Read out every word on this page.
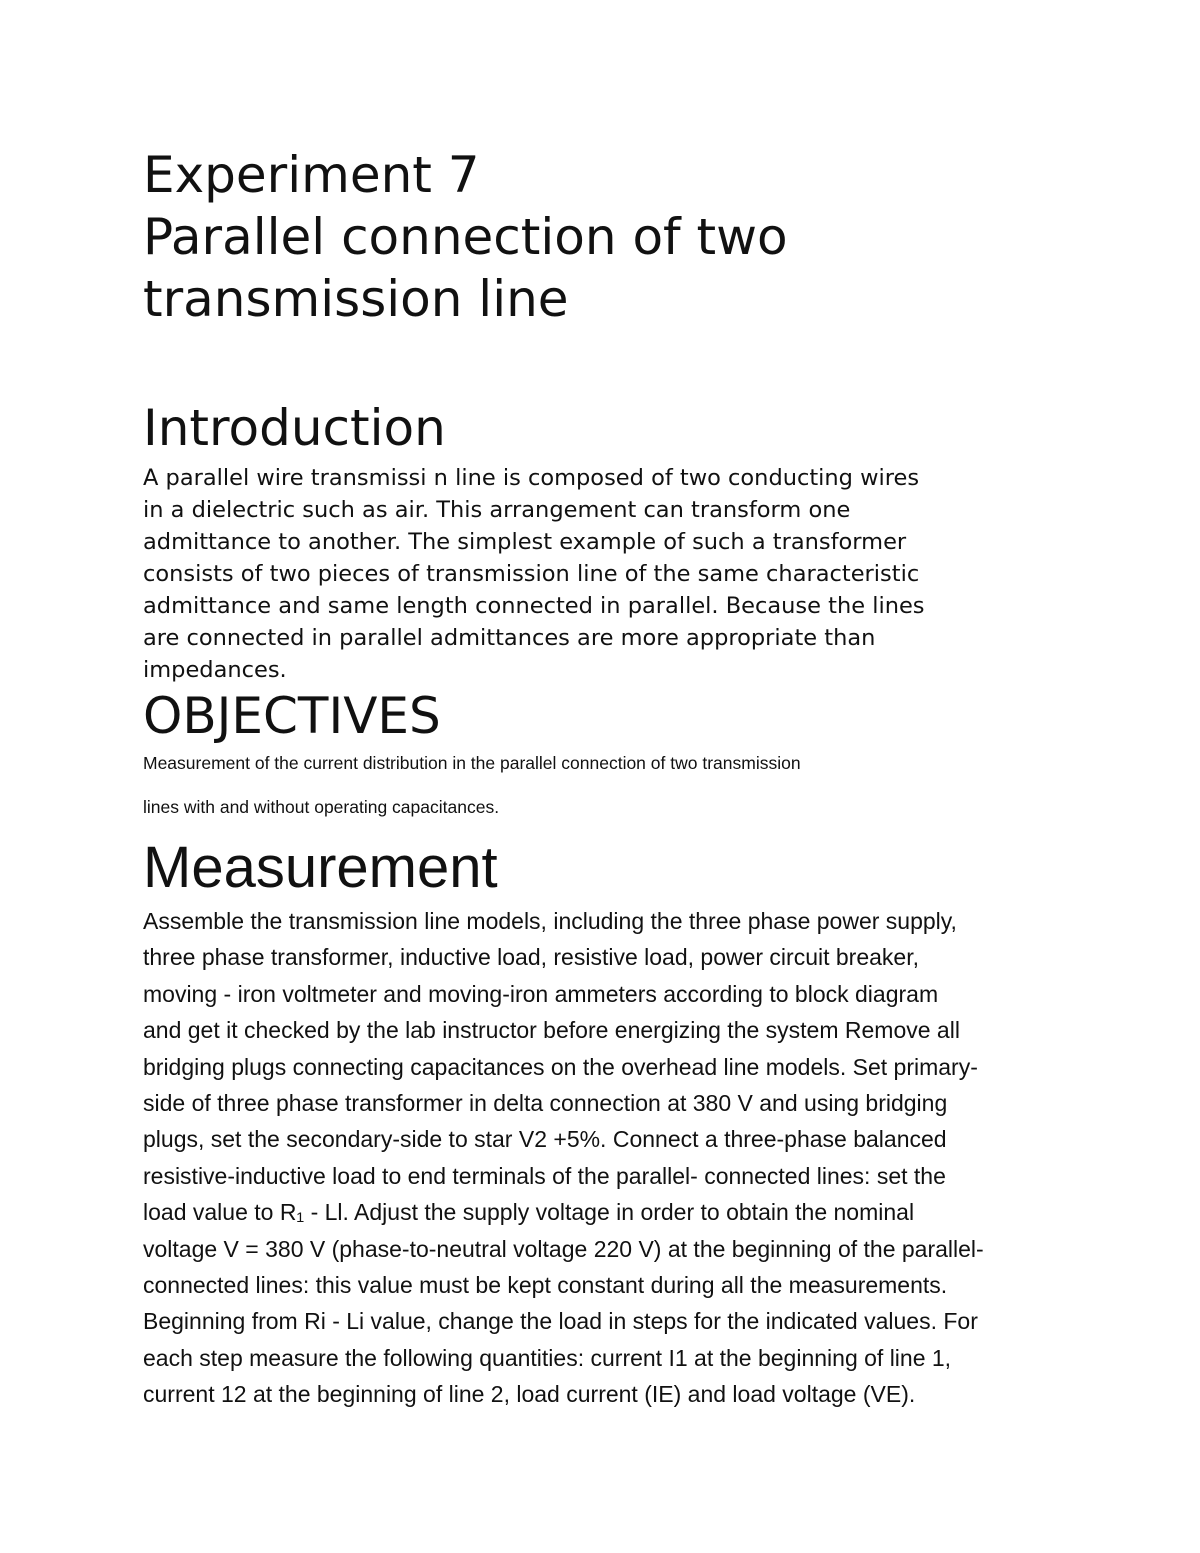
Experiment 7

Parallel connection of two

transmission line

Introduction

A parallel wire transmissi n line is composed of two conducting wires

in a dielectric such as air. This arrangement can transform one

admittance to another. The simplest example of such a transformer

consists of two pieces of transmission line of the same characteristic

admittance and same length connected in parallel. Because the lines

are connected in parallel admittances are more appropriate than

impedances.

OBJECTIVES

Measurement of the current distribution in the parallel connection of two transmission

lines with and without operating capacitances.

Measurement

Assemble the transmission line models, including the three phase power supply,

three phase transformer, inductive load, resistive load, power circuit breaker,

moving - iron voltmeter and moving-iron ammeters according to block diagram

and get it checked by the lab instructor before energizing the system Remove all

bridging plugs connecting capacitances on the overhead line models. Set primary-

side of three phase transformer in delta connection at 380 V and using bridging

plugs, set the secondary-side to star V2 +5%. Connect a three-phase balanced

resistive-inductive load to end terminals of the parallel- connected lines: set the

load value to R₁ - Ll. Adjust the supply voltage in order to obtain the nominal

voltage V = 380 V (phase-to-neutral voltage 220 V) at the beginning of the parallel-

connected lines: this value must be kept constant during all the measurements.

Beginning from Ri - Li value, change the load in steps for the indicated values. For

each step measure the following quantities: current I1 at the beginning of line 1,

current 12 at the beginning of line 2, load current (IE) and load voltage (VE).
